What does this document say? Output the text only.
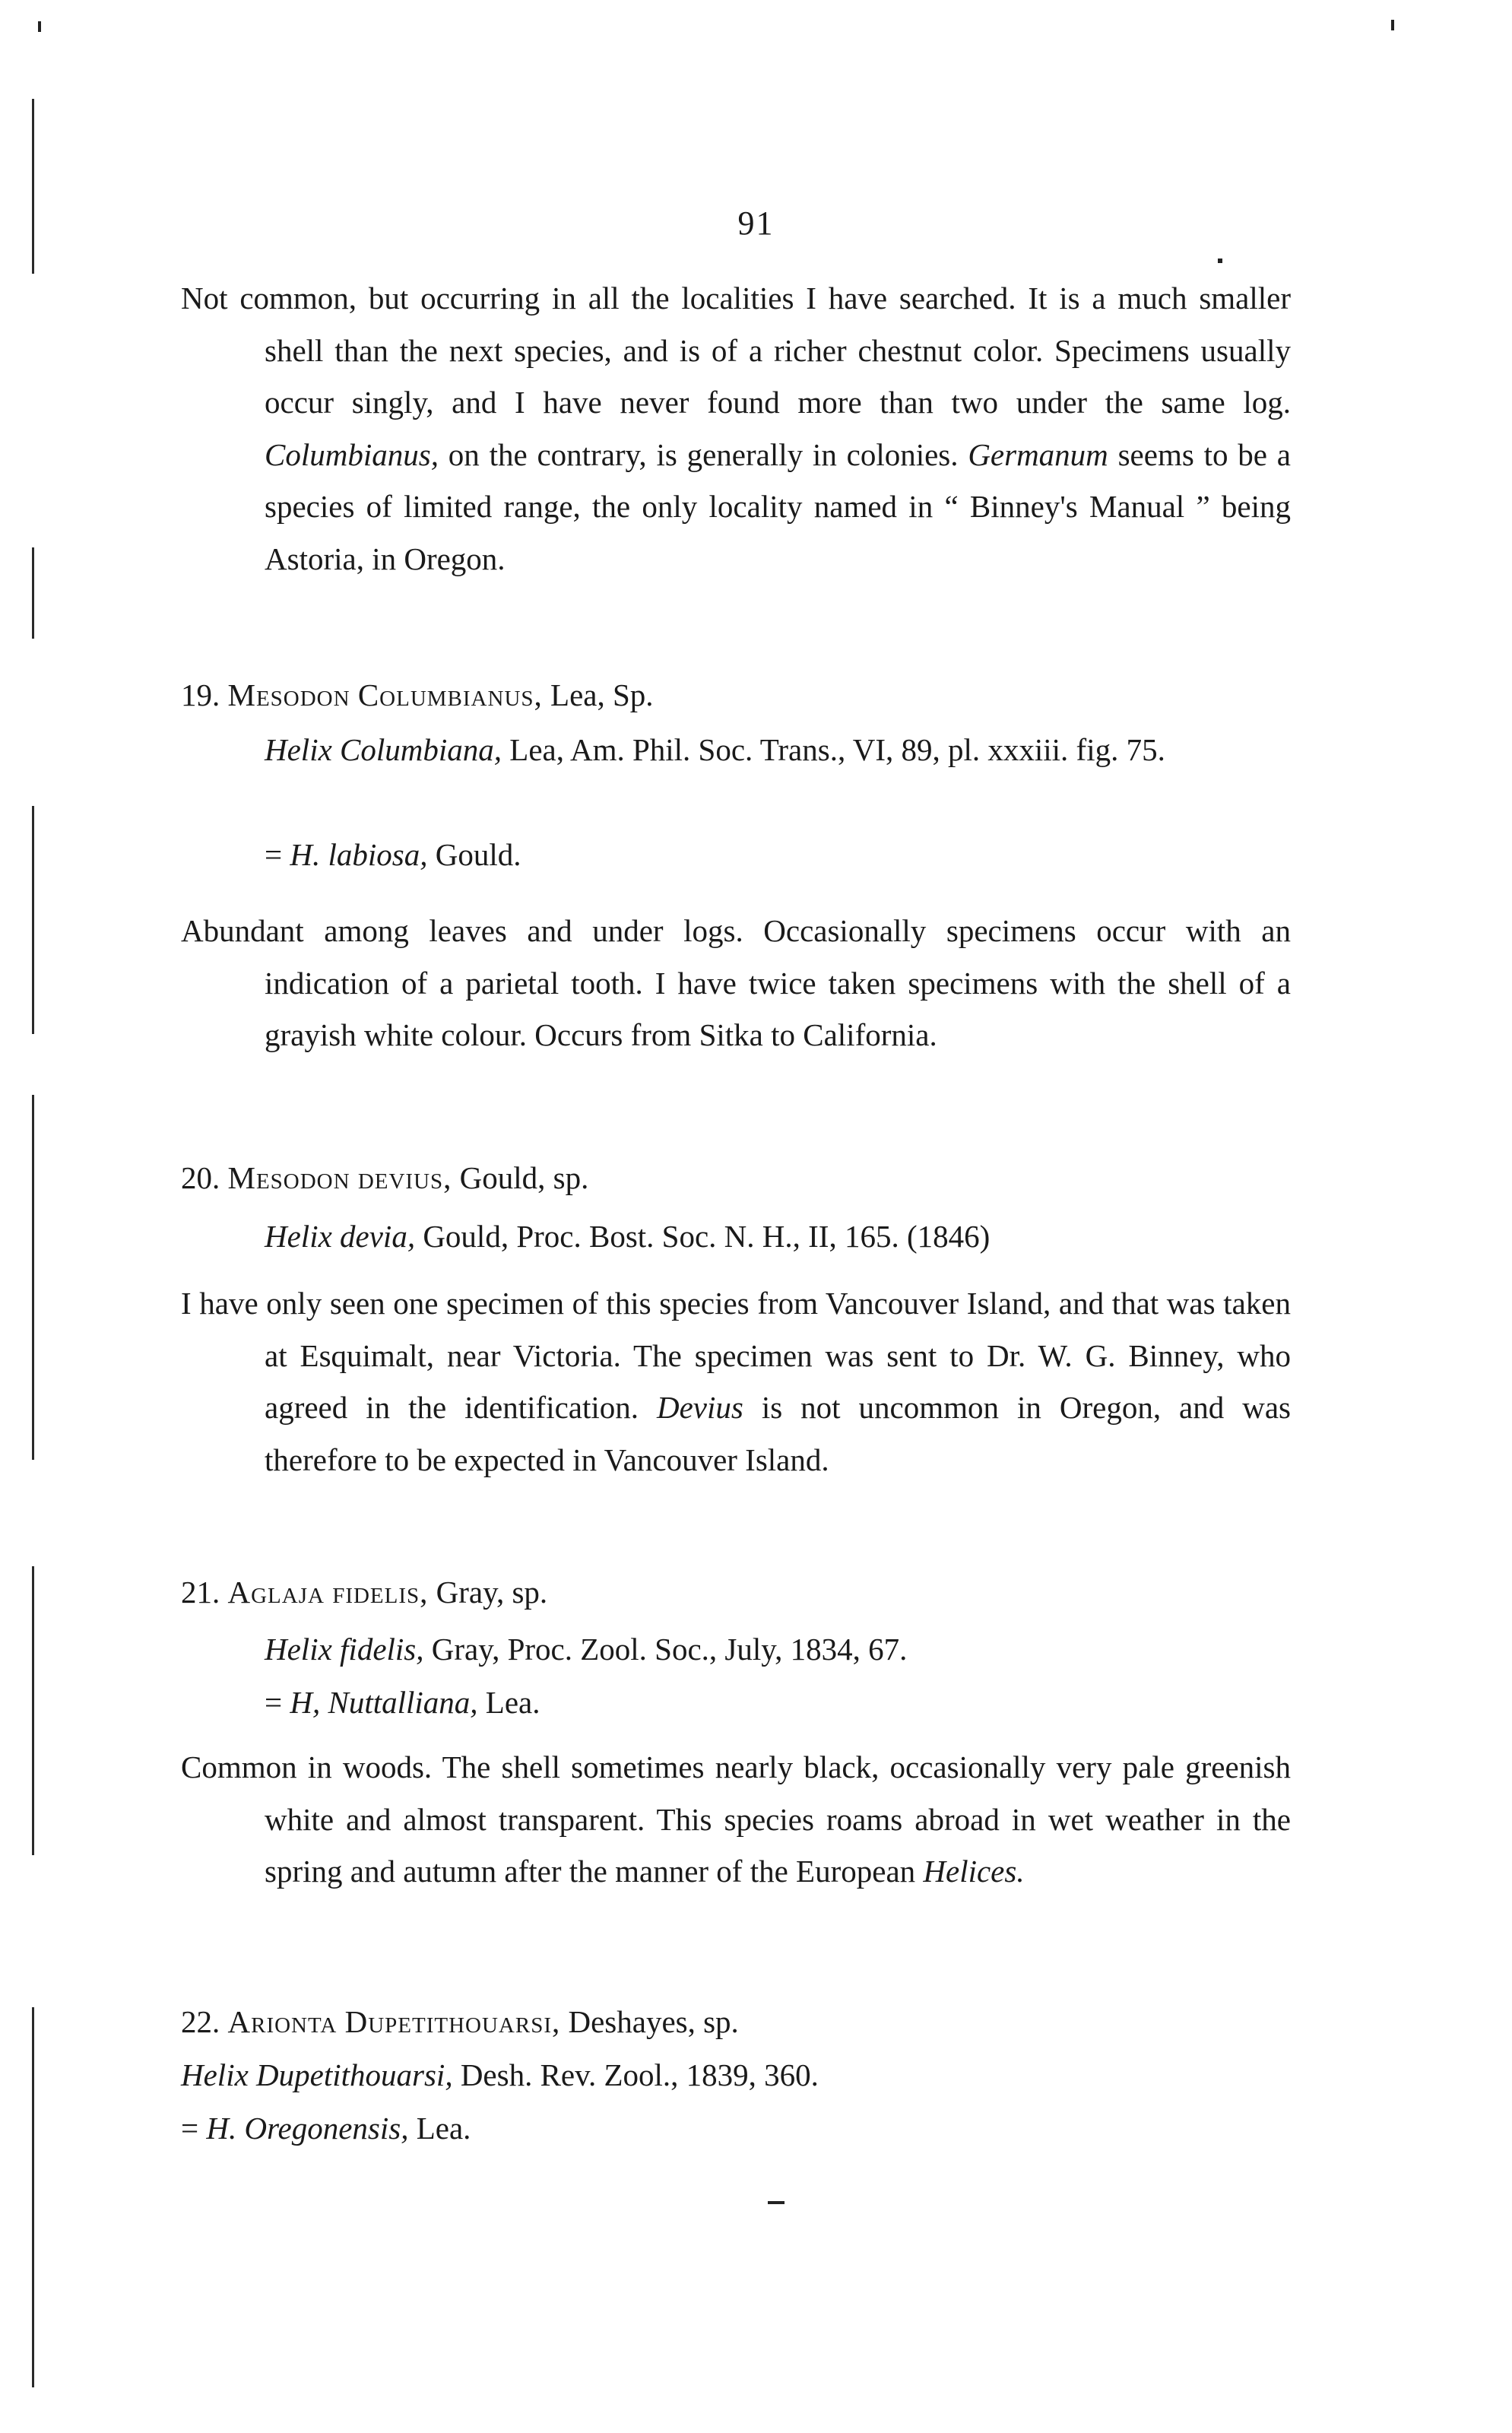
91
Not common, but occurring in all the localities I have searched. It is a much smaller shell than the next species, and is of a richer chestnut color. Specimens usually occur singly, and I have never found more than two under the same log. Columbianus, on the contrary, is generally in colonies. Germanum seems to be a species of limited range, the only locality named in “ Binney's Manual ” being Astoria, in Oregon.
19. Mesodon Columbianus, Lea, Sp.
Helix Columbiana, Lea, Am. Phil. Soc. Trans., VI, 89, pl. xxxiii. fig. 75.
= H. labiosa, Gould.
Abundant among leaves and under logs. Occasionally specimens occur with an indication of a parietal tooth. I have twice taken specimens with the shell of a grayish white colour. Occurs from Sitka to California.
20. Mesodon devius, Gould, sp.
Helix devia, Gould, Proc. Bost. Soc. N. H., II, 165. (1846)
I have only seen one specimen of this species from Vancouver Island, and that was taken at Esquimalt, near Victoria. The specimen was sent to Dr. W. G. Binney, who agreed in the identification. Devius is not uncommon in Oregon, and was therefore to be expected in Vancouver Island.
21. Aglaja fidelis, Gray, sp.
Helix fidelis, Gray, Proc. Zool. Soc., July, 1834, 67.
= H, Nuttalliana, Lea.
Common in woods. The shell sometimes nearly black, occasionally very pale greenish white and almost transparent. This species roams abroad in wet weather in the spring and autumn after the manner of the European Helices.
22. Arionta Dupetithouarsi, Deshayes, sp.
Helix Dupetithouarsi, Desh. Rev. Zool., 1839, 360.
= H. Oregonensis, Lea.
